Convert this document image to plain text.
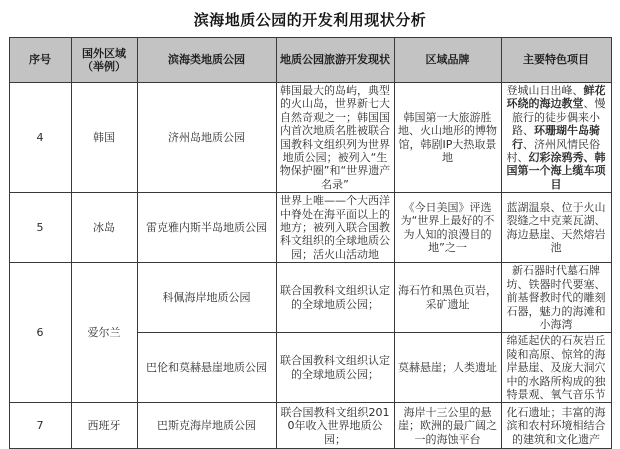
滨海地质公园的开发利用现状分析
序号	国外区域（举例）	滨海类地质公园	地质公园旅游开发现状	区域品牌	主要特色项目
4	韩国	济州岛地质公园	韩国最大的岛屿，典型的火山岛，世界新七大自然奇观之一；韩国国内首次地质名胜被联合国教科文组织列为世界地质公园；被列入“生物保护圈”和“世界遗产名录”	韩国第一大旅游胜地、火山地形的博物馆，韩剧IP大热取景地	登城山日出峰、鲜花环绕的海边教堂、慢旅行的徒步偶来小路、环珊瑚牛岛骑行、济州风情民俗村、幻彩涂鸦秀、韩国第一个海上缆车项目
5	冰岛	雷克雅内斯半岛地质公园	世界上唯——个大西洋中脊处在海平面以上的地方；被列入联合国教科文组织的全球地质公园；活火山活动地	《今日美国》评选为“世界上最好的不为人知的浪漫目的地”之一	蓝湖温泉、位于火山裂缝之中克莱瓦湖、海边悬崖、天然熔岩池
6	爱尔兰	科佩海岸地质公园	联合国教科文组织认定的全球地质公园；	海石竹和黑色页岩，采矿遗址	新石器时代墓石牌坊、铁器时代要塞、前基督教时代的雕刻石器，魅力的海滩和小海湾
		巴伦和莫赫悬崖地质公园	联合国教科文组织认定的全球地质公园；	莫赫悬崖；人类遗址	绵延起伏的石灰岩丘陵和高原、惊耸的海岸悬崖、及庞大洞穴中的水路所构成的独特景观、氧气音乐节
7	西班牙	巴斯克海岸地质公园	联合国教科文组织2010年收入世界地质公园；	海岸十三公里的悬崖；欧洲的最广阔之一的海蚀平台	化石遗址；丰富的海滨和农村环境相结合的建筑和文化遗产
